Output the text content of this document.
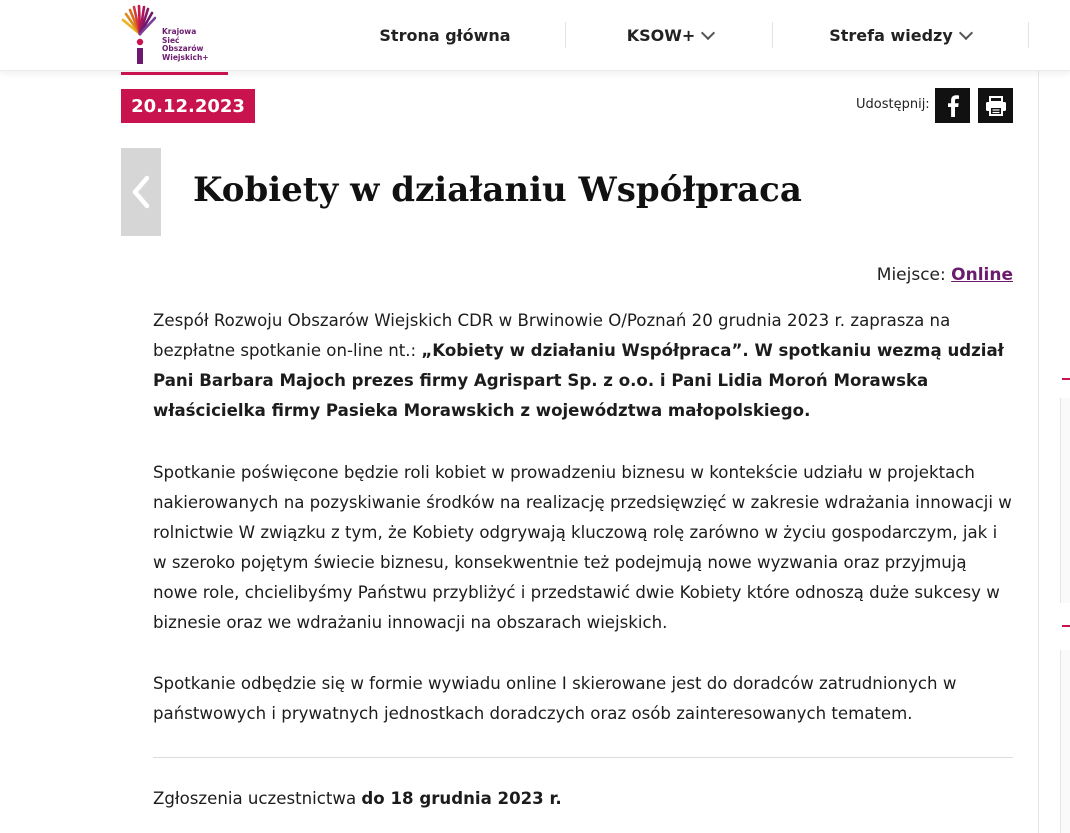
Krajowa
Sieć
Obszarów
Wiejskich+
Strona główna	KSOW+	Strefa wiedzy
20.12.2023	Udostępnij:
Kobiety w działaniu Współpraca
Miejsce: Online

Zespół Rozwoju Obszarów Wiejskich CDR w Brwinowie O/Poznań 20 grudnia 2023 r. zaprasza na bezpłatne spotkanie on-line nt.: „Kobiety w działaniu Współpraca”. W spotkaniu wezmą udział Pani Barbara Majoch prezes firmy Agrispart Sp. z o.o. i Pani Lidia Moroń Morawska właścicielka firmy Pasieka Morawskich z województwa małopolskiego.

Spotkanie poświęcone będzie roli kobiet w prowadzeniu biznesu w kontekście udziału w projektach nakierowanych na pozyskiwanie środków na realizację przedsięwzięć w zakresie wdrażania innowacji w rolnictwie W związku z tym, że Kobiety odgrywają kluczową rolę zarówno w życiu gospodarczym, jak i w szeroko pojętym świecie biznesu, konsekwentnie też podejmują nowe wyzwania oraz przyjmują nowe role, chcielibyśmy Państwu przybliżyć i przedstawić dwie Kobiety które odnoszą duże sukcesy w biznesie oraz we wdrażaniu innowacji na obszarach wiejskich.

Spotkanie odbędzie się w formie wywiadu online I skierowane jest do doradców zatrudnionych w państwowych i prywatnych jednostkach doradczych oraz osób zainteresowanych tematem.

Zgłoszenia uczestnictwa do 18 grudnia 2023 r.
